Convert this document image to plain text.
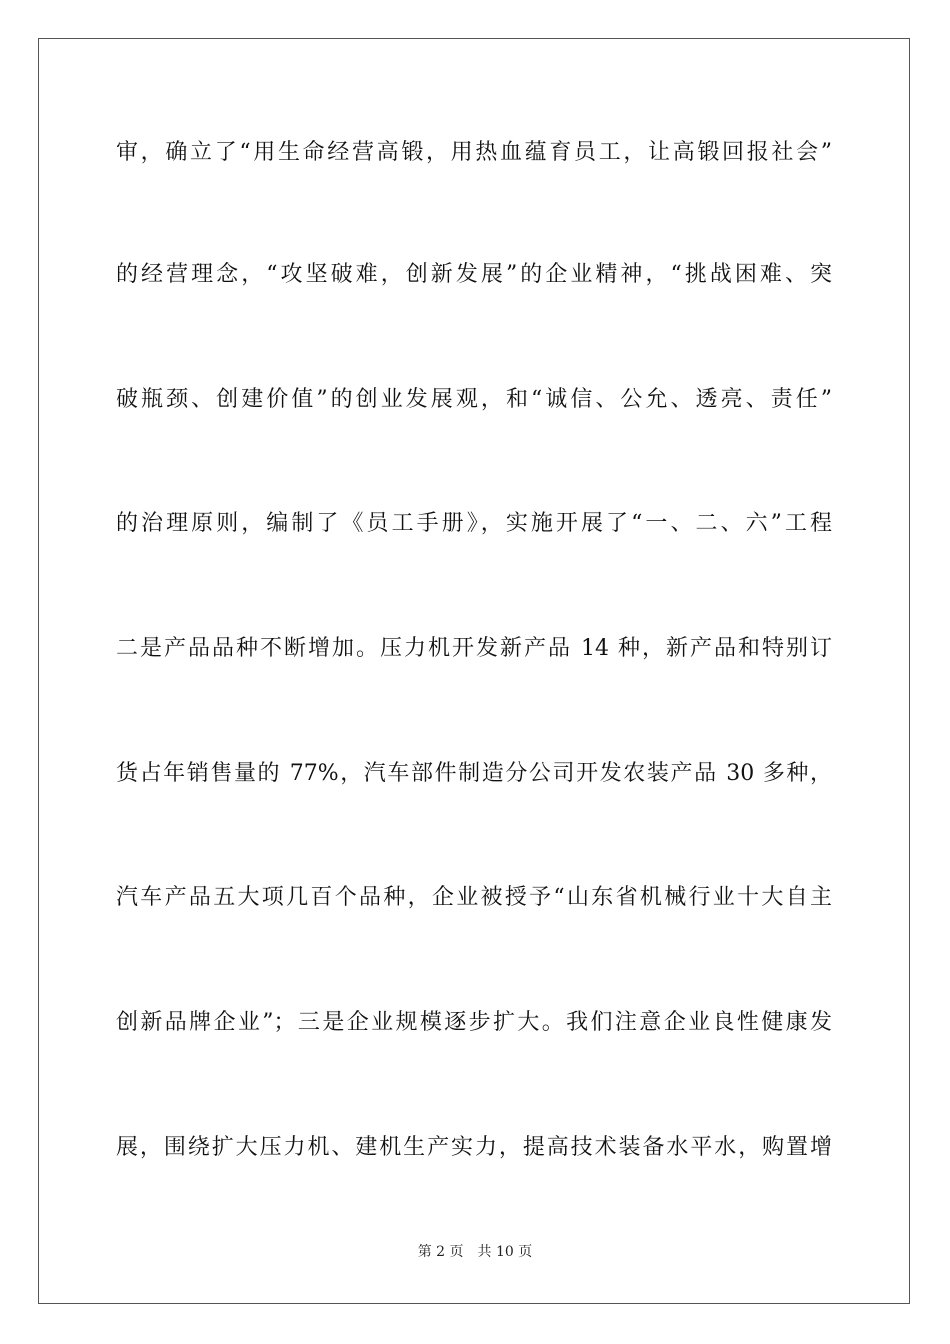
审，确立了“用生命经营高锻，用热血蕴育员工，让高锻回报社会”
的经营理念，“攻坚破难，创新发展”的企业精神，“挑战困难、突
破瓶颈、创建价值”的创业发展观，和“诚信、公允、透亮、责任”
的治理原则，编制了《员工手册》，实施开展了“一、二、六”工程
二是产品品种不断增加。压力机开发新产品 14 种，新产品和特别订
货占年销售量的 77%，汽车部件制造分公司开发农装产品 30 多种，
汽车产品五大项几百个品种，企业被授予“山东省机械行业十大自主
创新品牌企业”；三是企业规模逐步扩大。我们注意企业良性健康发
展，围绕扩大压力机、建机生产实力，提高技术装备水平水，购置增
第 2 页 共 10 页
